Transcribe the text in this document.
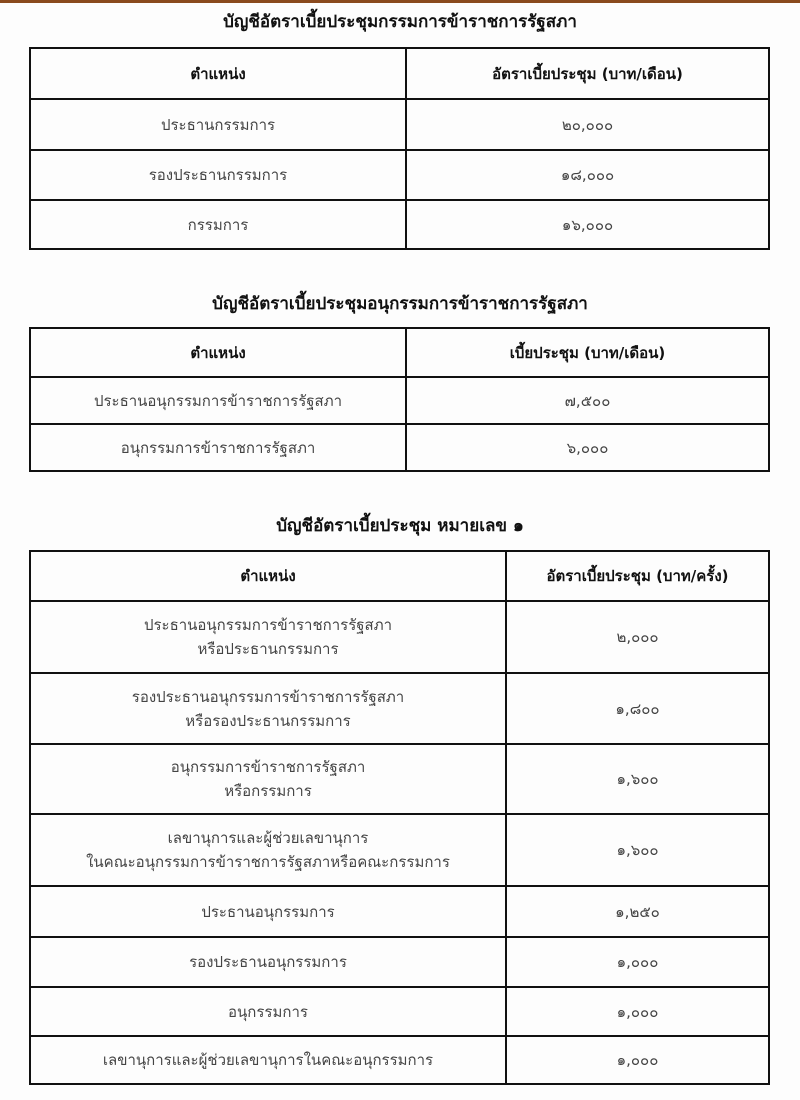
บัญชีอัตราเบี้ยประชุมกรรมการข้าราชการรัฐสภา
ตำแหน่ง	อัตราเบี้ยประชุม (บาท/เดือน)

ประธานกรรมการ	๒๐,๐๐๐

รองประธานกรรมการ	๑๘,๐๐๐

กรรมการ	๑๖,๐๐๐
บัญชีอัตราเบี้ยประชุมอนุกรรมการข้าราชการรัฐสภา
ตำแหน่ง	เบี้ยประชุม (บาท/เดือน)

ประธานอนุกรรมการข้าราชการรัฐสภา	๗,๕๐๐

อนุกรรมการข้าราชการรัฐสภา	๖,๐๐๐
บัญชีอัตราเบี้ยประชุม หมายเลข ๑
ตำแหน่ง	อัตราเบี้ยประชุม (บาท/ครั้ง)

ประธานอนุกรรมการข้าราชการรัฐสภา
หรือประธานกรรมการ	๒,๐๐๐

รองประธานอนุกรรมการข้าราชการรัฐสภา
หรือรองประธานกรรมการ	๑,๘๐๐

อนุกรรมการข้าราชการรัฐสภา
หรือกรรมการ	๑,๖๐๐

เลขานุการและผู้ช่วยเลขานุการ
ในคณะอนุกรรมการข้าราชการรัฐสภาหรือคณะกรรมการ	๑,๖๐๐

ประธานอนุกรรมการ	๑,๒๕๐

รองประธานอนุกรรมการ	๑,๐๐๐

อนุกรรมการ	๑,๐๐๐

เลขานุการและผู้ช่วยเลขานุการในคณะอนุกรรมการ	๑,๐๐๐
